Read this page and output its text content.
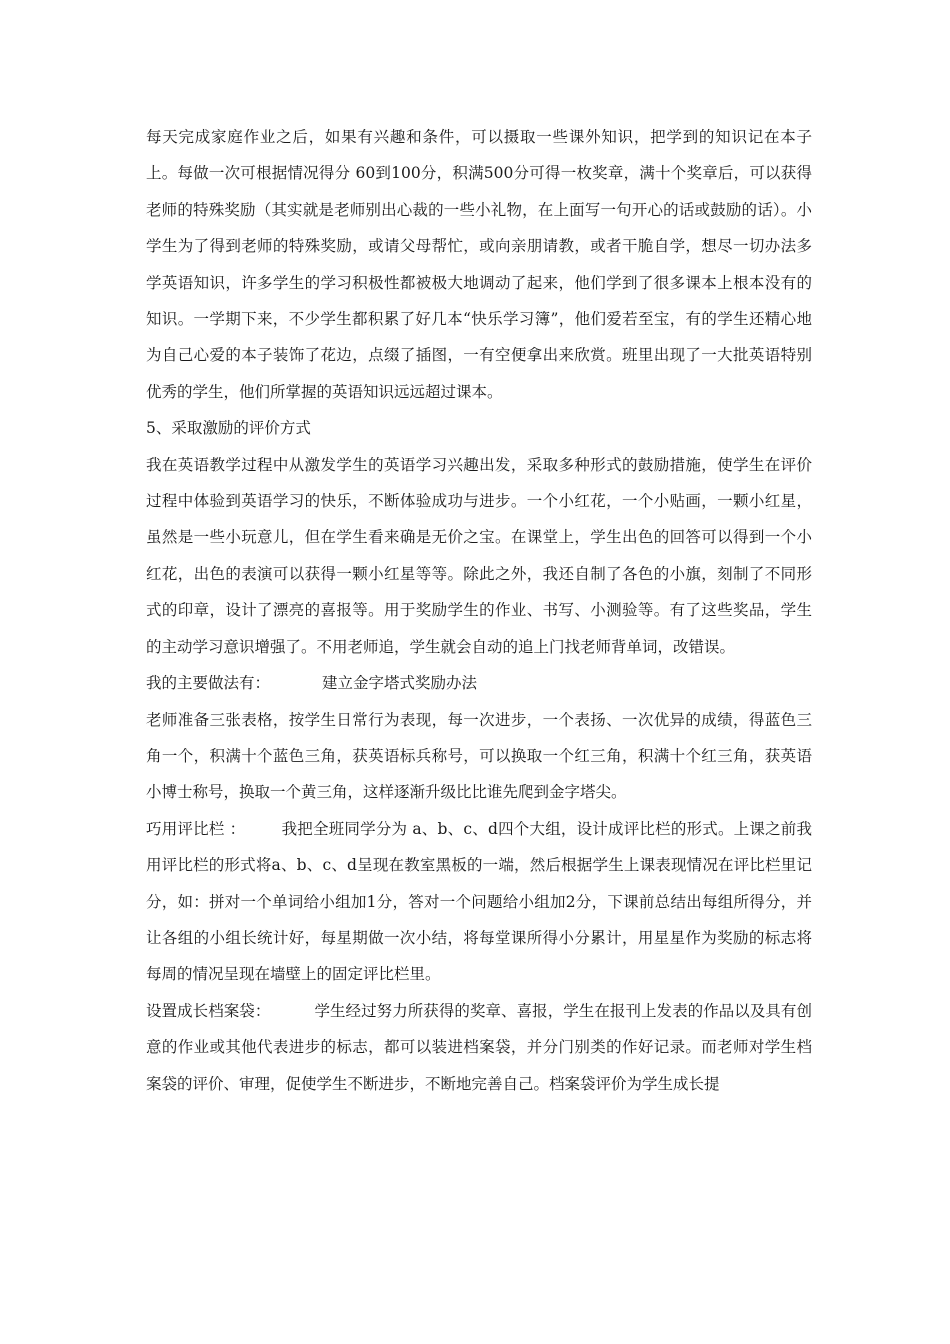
每天完成家庭作业之后，如果有兴趣和条件，可以摄取一些课外知识，把学到的知识记在本子上。每做一次可根据情况得分 60到100分，积满500分可得一枚奖章，满十个奖章后，可以获得老师的特殊奖励（其实就是老师别出心裁的一些小礼物，在上面写一句开心的话或鼓励的话）。小学生为了得到老师的特殊奖励，或请父母帮忙，或向亲朋请教，或者干脆自学，想尽一切办法多学英语知识，许多学生的学习积极性都被极大地调动了起来，他们学到了很多课本上根本没有的知识。一学期下来，不少学生都积累了好几本“快乐学习簿”，他们爱若至宝，有的学生还精心地为自己心爱的本子装饰了花边，点缀了插图，一有空便拿出来欣赏。班里出现了一大批英语特别优秀的学生，他们所掌握的英语知识远远超过课本。

5、采取激励的评价方式

我在英语教学过程中从激发学生的英语学习兴趣出发，采取多种形式的鼓励措施，使学生在评价过程中体验到英语学习的快乐，不断体验成功与进步。一个小红花，一个小贴画，一颗小红星，虽然是一些小玩意儿，但在学生看来确是无价之宝。在课堂上，学生出色的回答可以得到一个小红花，出色的表演可以获得一颗小红星等等。除此之外，我还自制了各色的小旗，刻制了不同形式的印章，设计了漂亮的喜报等。用于奖励学生的作业、书写、小测验等。有了这些奖品，学生的主动学习意识增强了。不用老师追，学生就会自动的追上门找老师背单词，改错误。

我的主要做法有：	建立金字塔式奖励办法

老师准备三张表格，按学生日常行为表现，每一次进步，一个表扬、一次优异的成绩，得蓝色三角一个，积满十个蓝色三角，获英语标兵称号，可以换取一个红三角，积满十个红三角，获英语小博士称号，换取一个黄三角，这样逐渐升级比比谁先爬到金字塔尖。

巧用评比栏 ： 我把全班同学分为 a、b、c、d四个大组，设计成评比栏的形式。上课之前我用评比栏的形式将a、b、c、d呈现在教室黑板的一端，然后根据学生上课表现情况在评比栏里记分，如：拼对一个单词给小组加1分，答对一个问题给小组加2分，下课前总结出每组所得分，并让各组的小组长统计好，每星期做一次小结，将每堂课所得小分累计，用星星作为奖励的标志将每周的情况呈现在墙壁上的固定评比栏里。

设置成长档案袋：	学生经过努力所获得的奖章、喜报，学生在报刊上发表的作品以及具有创意的作业或其他代表进步的标志，都可以装进档案袋，并分门别类的作好记录。而老师对学生档案袋的评价、审理，促使学生不断进步，不断地完善自己。档案袋评价为学生成长提
